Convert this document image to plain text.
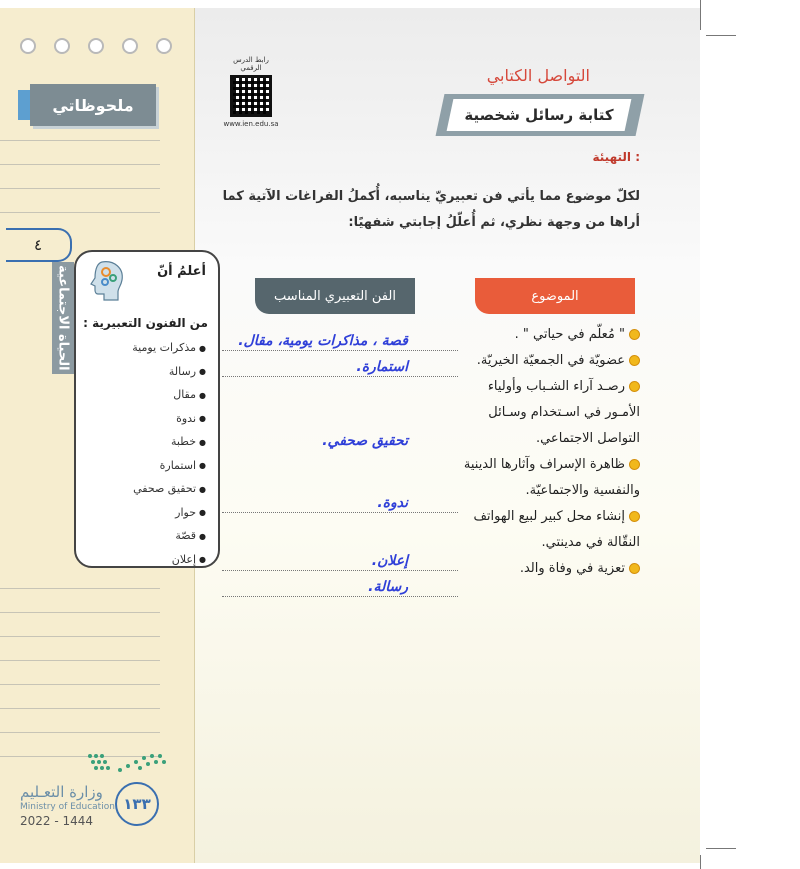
ملحوظاتي
٤
الحياة الاجتماعية
وزارة التعـليم
Ministry of Education
2022 - 1444
١٣٣
رابط الدرس الرقمي
www.ien.edu.sa
التواصل الكتابي
كتابة رسائل شخصية
التهيئة :
لكلّ موضوع مما يأتي فن تعبيريّ يناسبه، أُكملُ الفراغات الآتية كما أراها من وجهة نظري، ثم أُعلّلُ إجابتي شفهيًا:
الموضوع
الفن التعبيري المناسب

" مُعلّم في حياتي " .

عضويّة في الجمعيّة الخيريّة.

رصـد آراء الشـباب وأولياء الأمـور في اسـتخدام وسـائل التواصل الاجتماعي.

ظاهرة الإسراف وآثارها الدينية والنفسية والاجتماعيّة.

إنشاء محل كبير لبيع الهواتف النقّالة في مدينتي.

تعزية في وفاة والد.

قصة ، مذاكرات يومية، مقال.
استمارة.
تحقيق صحفي.
ندوة.
إعلان.
رسالة.
أعلمُ أنّ
من الفنون التعبيرية :
● مذكرات يومية
● رسالة
● مقال
● ندوة
● خطبة
● استمارة
● تحقيق صحفي
● حوار
● قصّة
● إعلان
